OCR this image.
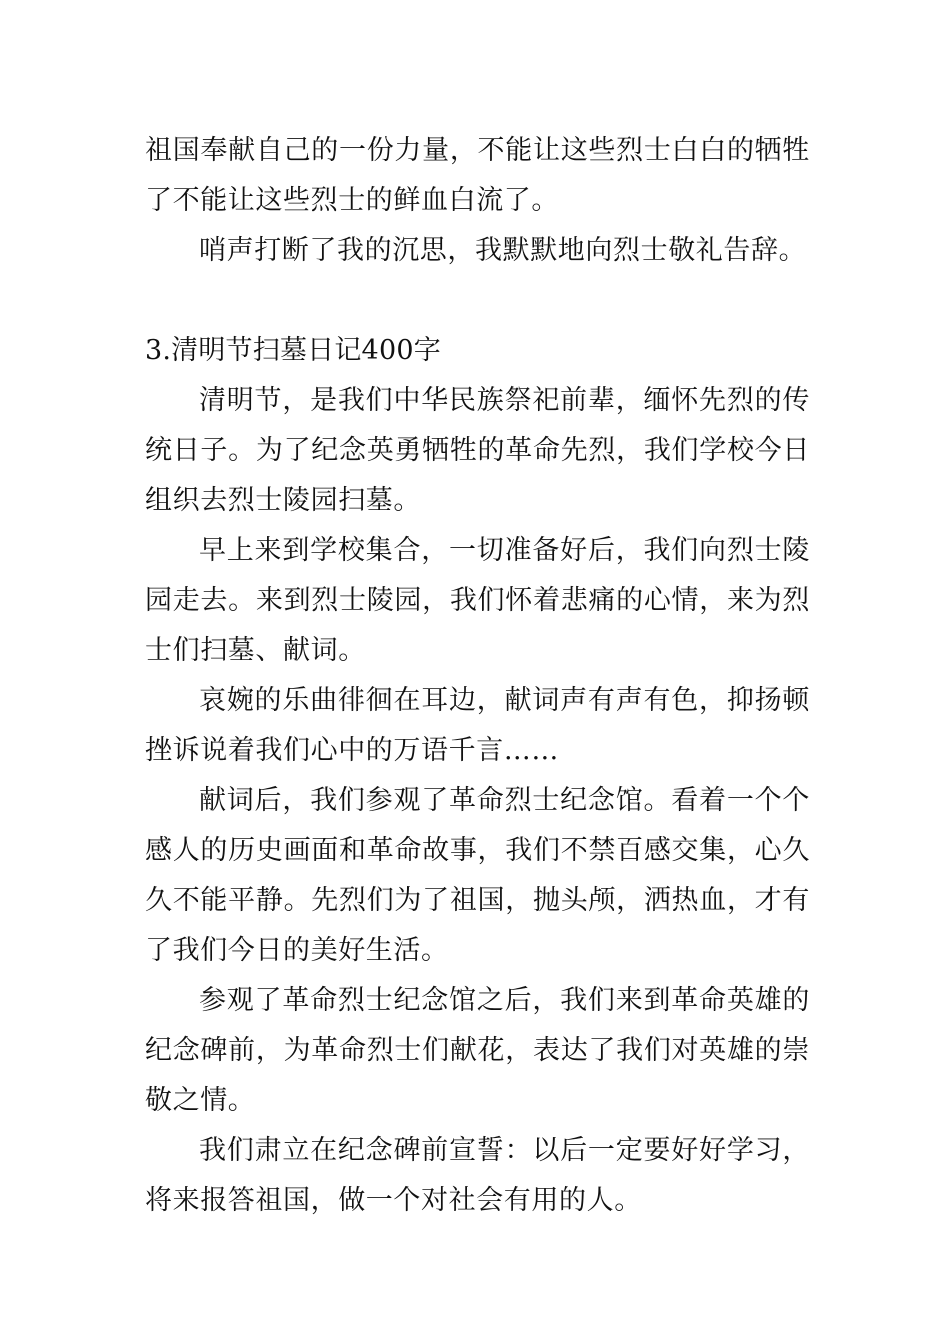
祖国奉献自己的一份力量，不能让这些烈士白白的牺牲了不能让这些烈士的鲜血白流了。

哨声打断了我的沉思，我默默地向烈士敬礼告辞。

3.清明节扫墓日记400字

清明节，是我们中华民族祭祀前辈，缅怀先烈的传统日子。为了纪念英勇牺牲的革命先烈，我们学校今日组织去烈士陵园扫墓。

早上来到学校集合，一切准备好后，我们向烈士陵园走去。来到烈士陵园，我们怀着悲痛的心情，来为烈士们扫墓、献词。

哀婉的乐曲徘徊在耳边，献词声有声有色，抑扬顿挫诉说着我们心中的万语千言……

献词后，我们参观了革命烈士纪念馆。看着一个个感人的历史画面和革命故事，我们不禁百感交集，心久久不能平静。先烈们为了祖国，抛头颅，洒热血，才有了我们今日的美好生活。

参观了革命烈士纪念馆之后，我们来到革命英雄的纪念碑前，为革命烈士们献花，表达了我们对英雄的崇敬之情。

我们肃立在纪念碑前宣誓：以后一定要好好学习，将来报答祖国，做一个对社会有用的人。
